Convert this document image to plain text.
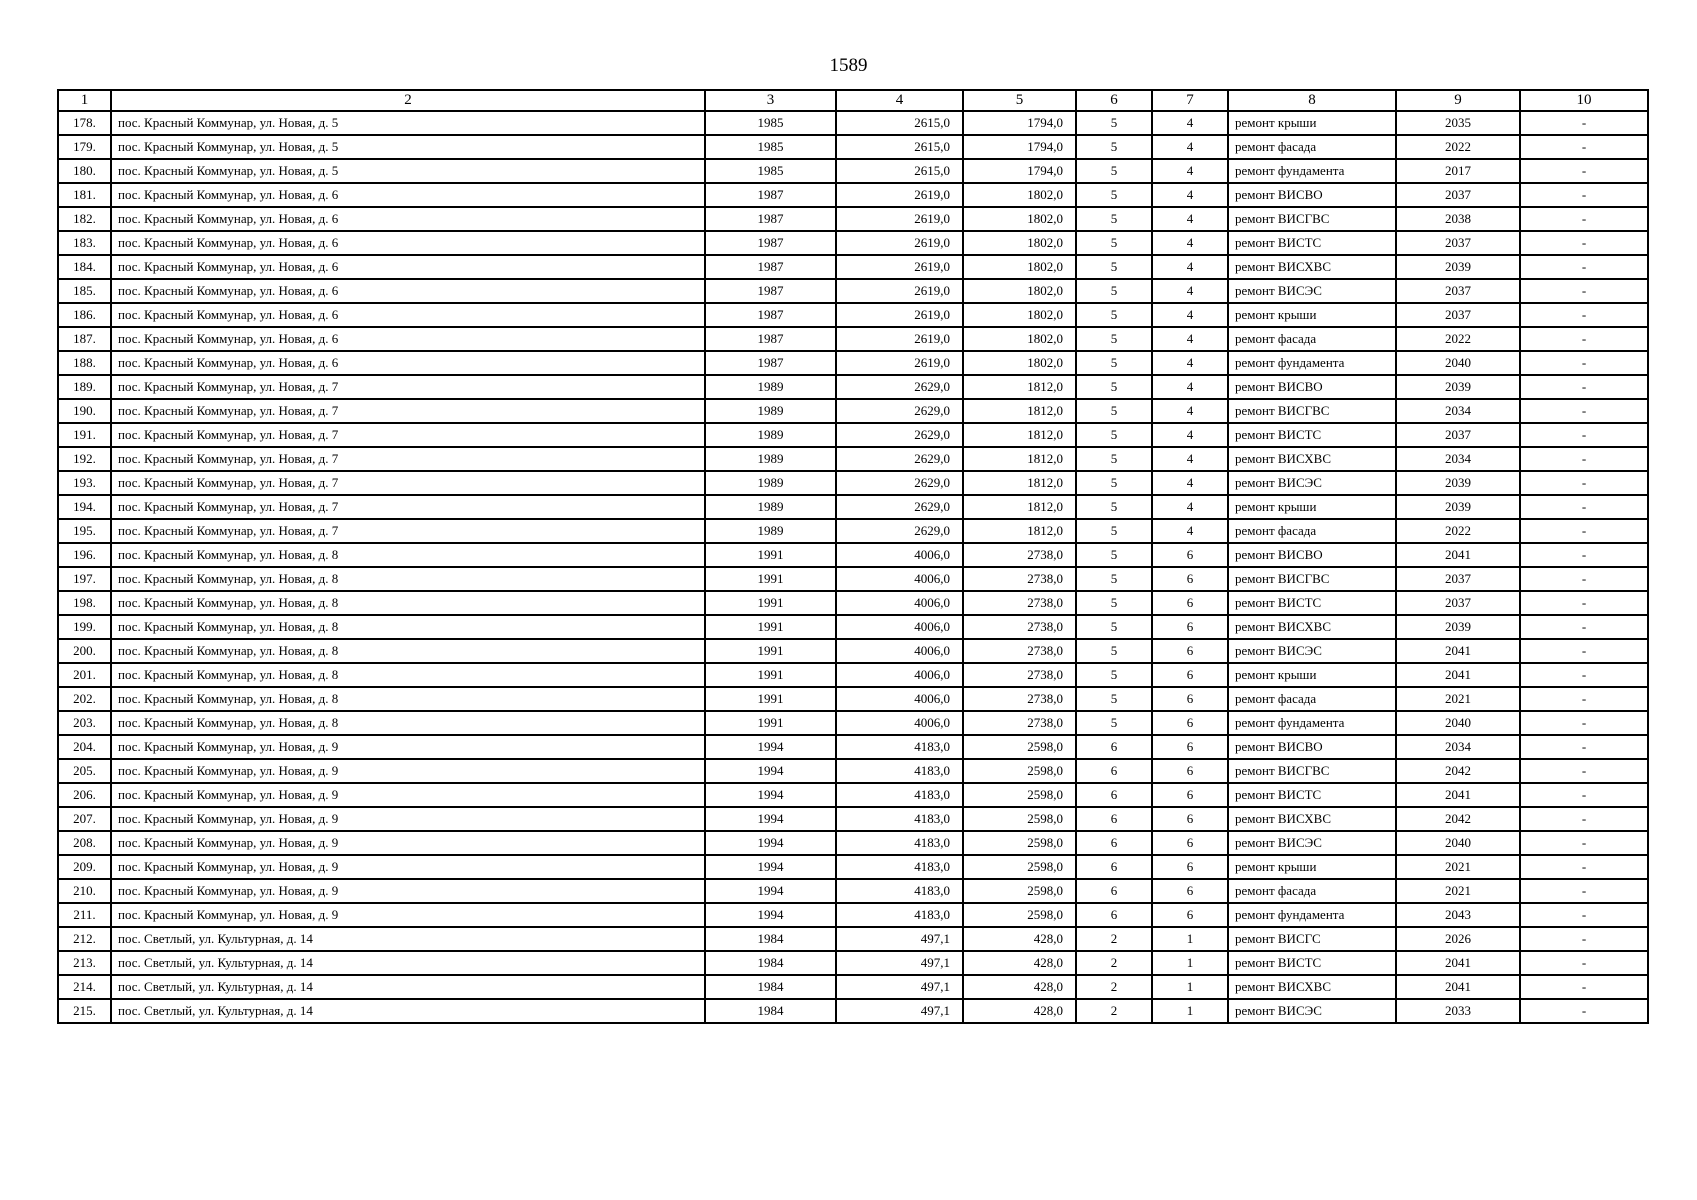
1589
1	2	3	4	5	6	7	8	9	10
178.	пос. Красный Коммунар, ул. Новая, д. 5	1985	2615,0	1794,0	5	4	ремонт крыши	2035	-
179.	пос. Красный Коммунар, ул. Новая, д. 5	1985	2615,0	1794,0	5	4	ремонт фасада	2022	-
180.	пос. Красный Коммунар, ул. Новая, д. 5	1985	2615,0	1794,0	5	4	ремонт фундамента	2017	-
181.	пос. Красный Коммунар, ул. Новая, д. 6	1987	2619,0	1802,0	5	4	ремонт ВИСВО	2037	-
182.	пос. Красный Коммунар, ул. Новая, д. 6	1987	2619,0	1802,0	5	4	ремонт ВИСГВС	2038	-
183.	пос. Красный Коммунар, ул. Новая, д. 6	1987	2619,0	1802,0	5	4	ремонт ВИСТС	2037	-
184.	пос. Красный Коммунар, ул. Новая, д. 6	1987	2619,0	1802,0	5	4	ремонт ВИСХВС	2039	-
185.	пос. Красный Коммунар, ул. Новая, д. 6	1987	2619,0	1802,0	5	4	ремонт ВИСЭС	2037	-
186.	пос. Красный Коммунар, ул. Новая, д. 6	1987	2619,0	1802,0	5	4	ремонт крыши	2037	-
187.	пос. Красный Коммунар, ул. Новая, д. 6	1987	2619,0	1802,0	5	4	ремонт фасада	2022	-
188.	пос. Красный Коммунар, ул. Новая, д. 6	1987	2619,0	1802,0	5	4	ремонт фундамента	2040	-
189.	пос. Красный Коммунар, ул. Новая, д. 7	1989	2629,0	1812,0	5	4	ремонт ВИСВО	2039	-
190.	пос. Красный Коммунар, ул. Новая, д. 7	1989	2629,0	1812,0	5	4	ремонт ВИСГВС	2034	-
191.	пос. Красный Коммунар, ул. Новая, д. 7	1989	2629,0	1812,0	5	4	ремонт ВИСТС	2037	-
192.	пос. Красный Коммунар, ул. Новая, д. 7	1989	2629,0	1812,0	5	4	ремонт ВИСХВС	2034	-
193.	пос. Красный Коммунар, ул. Новая, д. 7	1989	2629,0	1812,0	5	4	ремонт ВИСЭС	2039	-
194.	пос. Красный Коммунар, ул. Новая, д. 7	1989	2629,0	1812,0	5	4	ремонт крыши	2039	-
195.	пос. Красный Коммунар, ул. Новая, д. 7	1989	2629,0	1812,0	5	4	ремонт фасада	2022	-
196.	пос. Красный Коммунар, ул. Новая, д. 8	1991	4006,0	2738,0	5	6	ремонт ВИСВО	2041	-
197.	пос. Красный Коммунар, ул. Новая, д. 8	1991	4006,0	2738,0	5	6	ремонт ВИСГВС	2037	-
198.	пос. Красный Коммунар, ул. Новая, д. 8	1991	4006,0	2738,0	5	6	ремонт ВИСТС	2037	-
199.	пос. Красный Коммунар, ул. Новая, д. 8	1991	4006,0	2738,0	5	6	ремонт ВИСХВС	2039	-
200.	пос. Красный Коммунар, ул. Новая, д. 8	1991	4006,0	2738,0	5	6	ремонт ВИСЭС	2041	-
201.	пос. Красный Коммунар, ул. Новая, д. 8	1991	4006,0	2738,0	5	6	ремонт крыши	2041	-
202.	пос. Красный Коммунар, ул. Новая, д. 8	1991	4006,0	2738,0	5	6	ремонт фасада	2021	-
203.	пос. Красный Коммунар, ул. Новая, д. 8	1991	4006,0	2738,0	5	6	ремонт фундамента	2040	-
204.	пос. Красный Коммунар, ул. Новая, д. 9	1994	4183,0	2598,0	6	6	ремонт ВИСВО	2034	-
205.	пос. Красный Коммунар, ул. Новая, д. 9	1994	4183,0	2598,0	6	6	ремонт ВИСГВС	2042	-
206.	пос. Красный Коммунар, ул. Новая, д. 9	1994	4183,0	2598,0	6	6	ремонт ВИСТС	2041	-
207.	пос. Красный Коммунар, ул. Новая, д. 9	1994	4183,0	2598,0	6	6	ремонт ВИСХВС	2042	-
208.	пос. Красный Коммунар, ул. Новая, д. 9	1994	4183,0	2598,0	6	6	ремонт ВИСЭС	2040	-
209.	пос. Красный Коммунар, ул. Новая, д. 9	1994	4183,0	2598,0	6	6	ремонт крыши	2021	-
210.	пос. Красный Коммунар, ул. Новая, д. 9	1994	4183,0	2598,0	6	6	ремонт фасада	2021	-
211.	пос. Красный Коммунар, ул. Новая, д. 9	1994	4183,0	2598,0	6	6	ремонт фундамента	2043	-
212.	пос. Светлый, ул. Культурная, д. 14	1984	497,1	428,0	2	1	ремонт ВИСГС	2026	-
213.	пос. Светлый, ул. Культурная, д. 14	1984	497,1	428,0	2	1	ремонт ВИСТС	2041	-
214.	пос. Светлый, ул. Культурная, д. 14	1984	497,1	428,0	2	1	ремонт ВИСХВС	2041	-
215.	пос. Светлый, ул. Культурная, д. 14	1984	497,1	428,0	2	1	ремонт ВИСЭС	2033	-
